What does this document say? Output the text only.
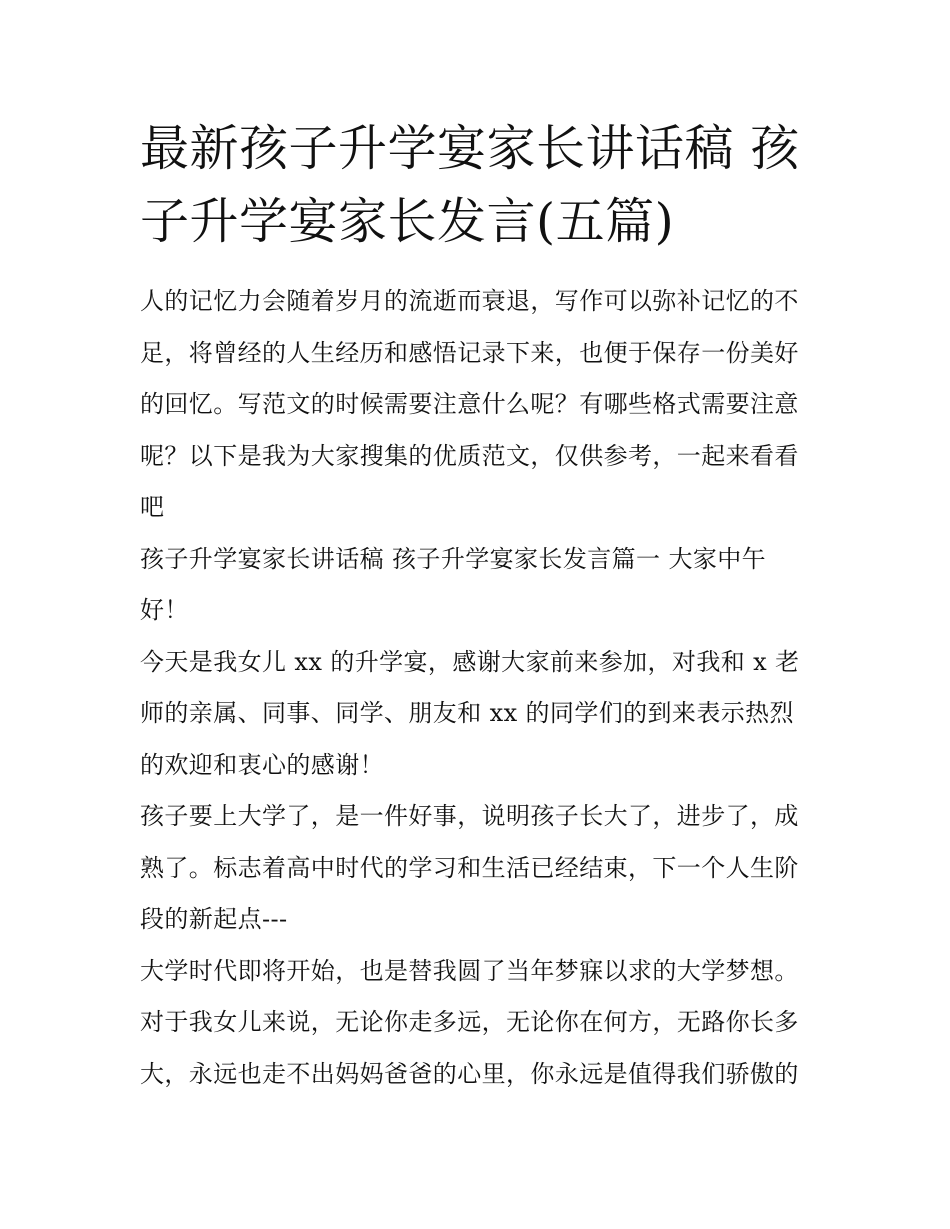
最新孩子升学宴家长讲话稿 孩
子升学宴家长发言(五篇)

人的记忆力会随着岁月的流逝而衰退，写作可以弥补记忆的不
足，将曾经的人生经历和感悟记录下来，也便于保存一份美好
的回忆。写范文的时候需要注意什么呢？有哪些格式需要注意
呢？以下是我为大家搜集的优质范文，仅供参考，一起来看看
吧

孩子升学宴家长讲话稿 孩子升学宴家长发言篇一 大家中午
好！

今天是我女儿 xx 的升学宴，感谢大家前来参加，对我和 x 老
师的亲属、同事、同学、朋友和 xx 的同学们的到来表示热烈
的欢迎和衷心的感谢！

孩子要上大学了，是一件好事，说明孩子长大了，进步了，成
熟了。标志着高中时代的学习和生活已经结束，下一个人生阶
段的新起点---

大学时代即将开始，也是替我圆了当年梦寐以求的大学梦想。
对于我女儿来说，无论你走多远，无论你在何方，无路你长多
大，永远也走不出妈妈爸爸的心里，你永远是值得我们骄傲的
